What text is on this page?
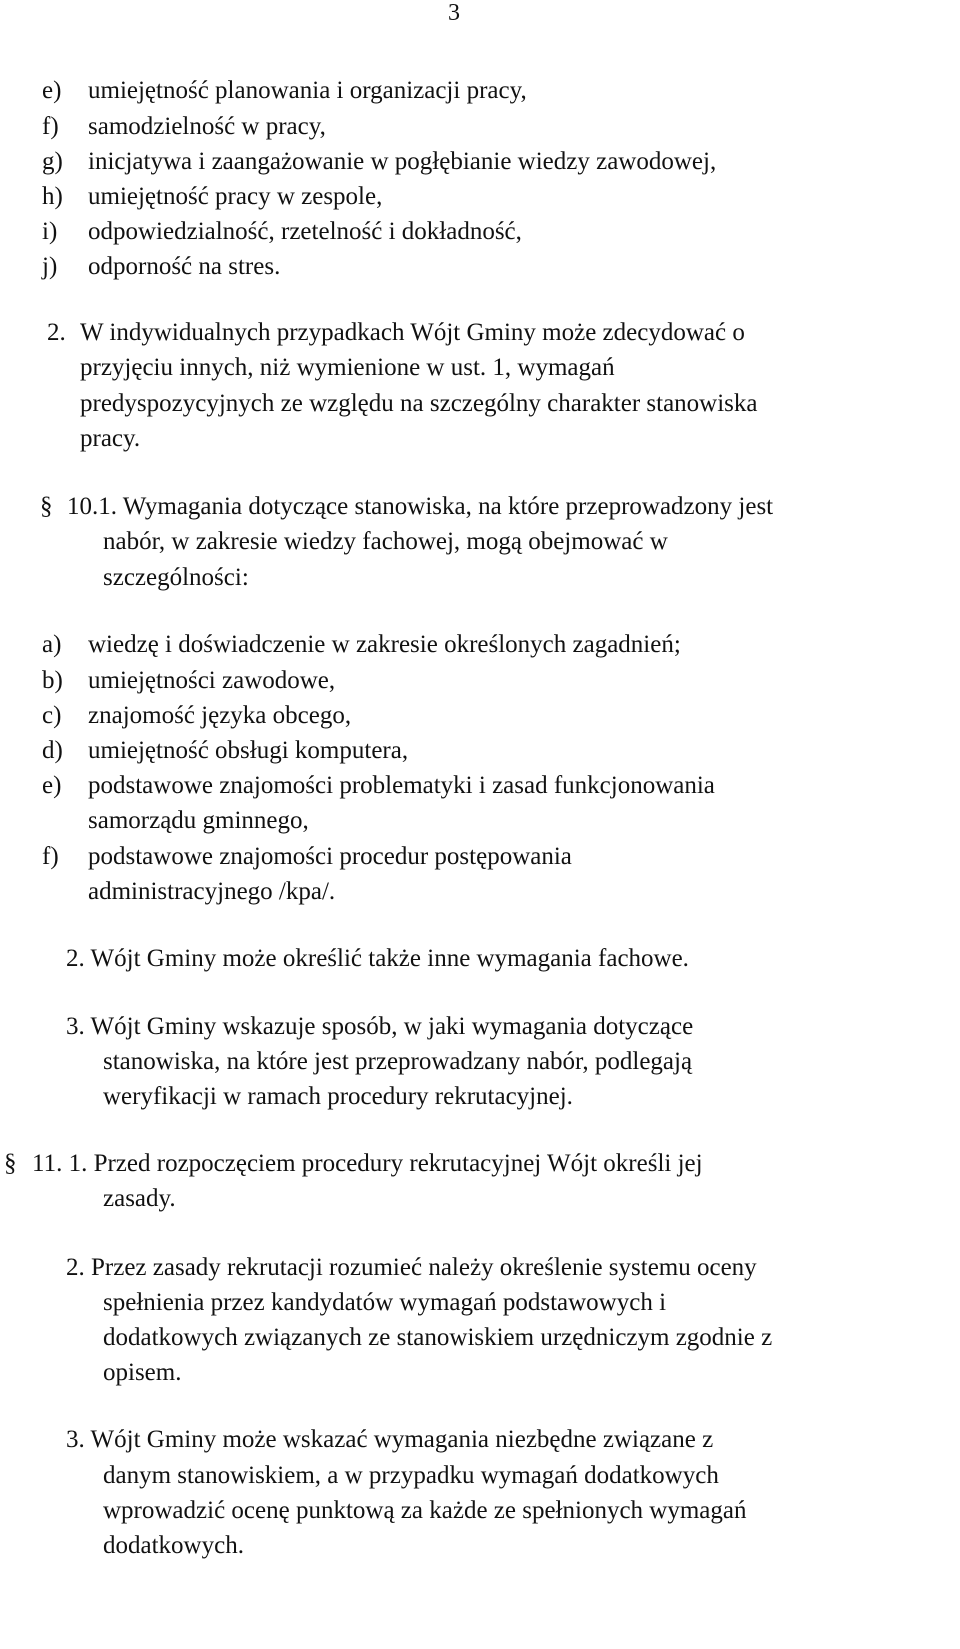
3
e) umiejętność planowania i organizacji pracy,
f) samodzielność w pracy,
g) inicjatywa i zaangażowanie w pogłębianie wiedzy zawodowej,
h) umiejętność pracy w zespole,
i) odpowiedzialność, rzetelność i dokładność,
j) odporność na stres.
2. W indywidualnych przypadkach Wójt Gminy może zdecydować o
przyjęciu innych, niż wymienione w ust. 1, wymagań
predyspozycyjnych ze względu na szczególny charakter stanowiska
pracy.
§ 10.1. Wymagania dotyczące stanowiska, na które przeprowadzony jest
nabór, w zakresie wiedzy fachowej, mogą obejmować w
szczególności:
a) wiedzę i doświadczenie w zakresie określonych zagadnień;
b) umiejętności zawodowe,
c) znajomość języka obcego,
d) umiejętność obsługi komputera,
e) podstawowe znajomości problematyki i zasad funkcjonowania
samorządu gminnego,
f) podstawowe znajomości procedur postępowania
administracyjnego /kpa/.
2. Wójt Gminy może określić także inne wymagania fachowe.
3. Wójt Gminy wskazuje sposób, w jaki wymagania dotyczące
stanowiska, na które jest przeprowadzany nabór, podlegają
weryfikacji w ramach procedury rekrutacyjnej.
§ 11. 1. Przed rozpoczęciem procedury rekrutacyjnej Wójt określi jej
zasady.
2. Przez zasady rekrutacji rozumieć należy określenie systemu oceny
spełnienia przez kandydatów wymagań podstawowych i
dodatkowych związanych ze stanowiskiem urzędniczym zgodnie z
opisem.
3. Wójt Gminy może wskazać wymagania niezbędne związane z
danym stanowiskiem, a w przypadku wymagań dodatkowych
wprowadzić ocenę punktową za każde ze spełnionych wymagań
dodatkowych.
